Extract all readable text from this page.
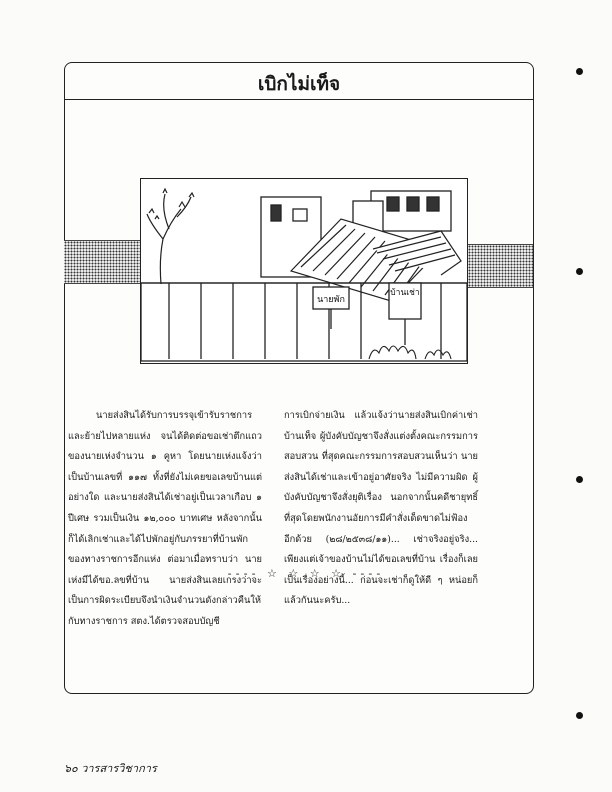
เบิกไม่เท็จ
นายพัก
บ้านเช่า

นายส่งสินได้รับการบรรจุเข้ารับราชการและย้ายไปหลายแห่ง จนได้ติดต่อขอเช่าตึกแถวของนายเห่งจำนวน ๑ คูหา โดยนายเห่งแจ้งว่าเป็นบ้านเลขที่ ๑๑๗ ทั้งที่ยังไม่เคยขอเลขบ้านแต่อย่างใด และนายส่งสินได้เช่าอยู่เป็นเวลาเกือบ ๑ ปีเศษ รวมเป็นเงิน ๑๒,๐๐๐ บาทเศษ หลังจากนั้นก็ได้เลิกเช่าและได้ไปพักอยู่กับภรรยาที่บ้านพักของทางราชการอีกแห่ง ต่อมาเมื่อทราบว่า นายเห่งมีได้ขอ.ลขที่บ้าน นายส่งสินเลยเกรงว่าจะเป็นการผิดระเบียบจึงนำเงินจำนวนดังกล่าวคืนให้กับทางราชการ สตง.ได้ตรวจสอบบัญชี

การเบิกจ่ายเงิน แล้วแจ้งว่านายส่งสินเบิกค่าเช่าบ้านเท็จ ผู้บังคับบัญชาจึงสั่งแต่งตั้งคณะกรรมการสอบสวน ที่สุดคณะกรรมการสอบสวนเห็นว่า นายส่งสินได้เช่าและเข้าอยู่อาศัยจริง ไม่มีความผิด ผู้บังคับบัญชาจึงสั่งยุติเรื่อง นอกจากนั้นคดีชายุทธิ์ที่สุดโดยพนักงานอัยการมีคำสั่งเด็ดขาดไม่ฟ้องอีกด้วย (๒๘/๒๕๓๘/๑๑)... เช่าจริงอยู่จริง... เพียงแต่เจ้าของบ้านไม่ได้ขอเลขที่บ้าน เรื่องก็เลยเป็นเรื่องอย่างนี้... ก่อนจะเช่าก็ดูให้ดี ๆ หน่อยก็แล้วกันนะครับ...

---- ☆ ☆ ☆ ☆ ----
๖๐ วารสารวิชาการ
